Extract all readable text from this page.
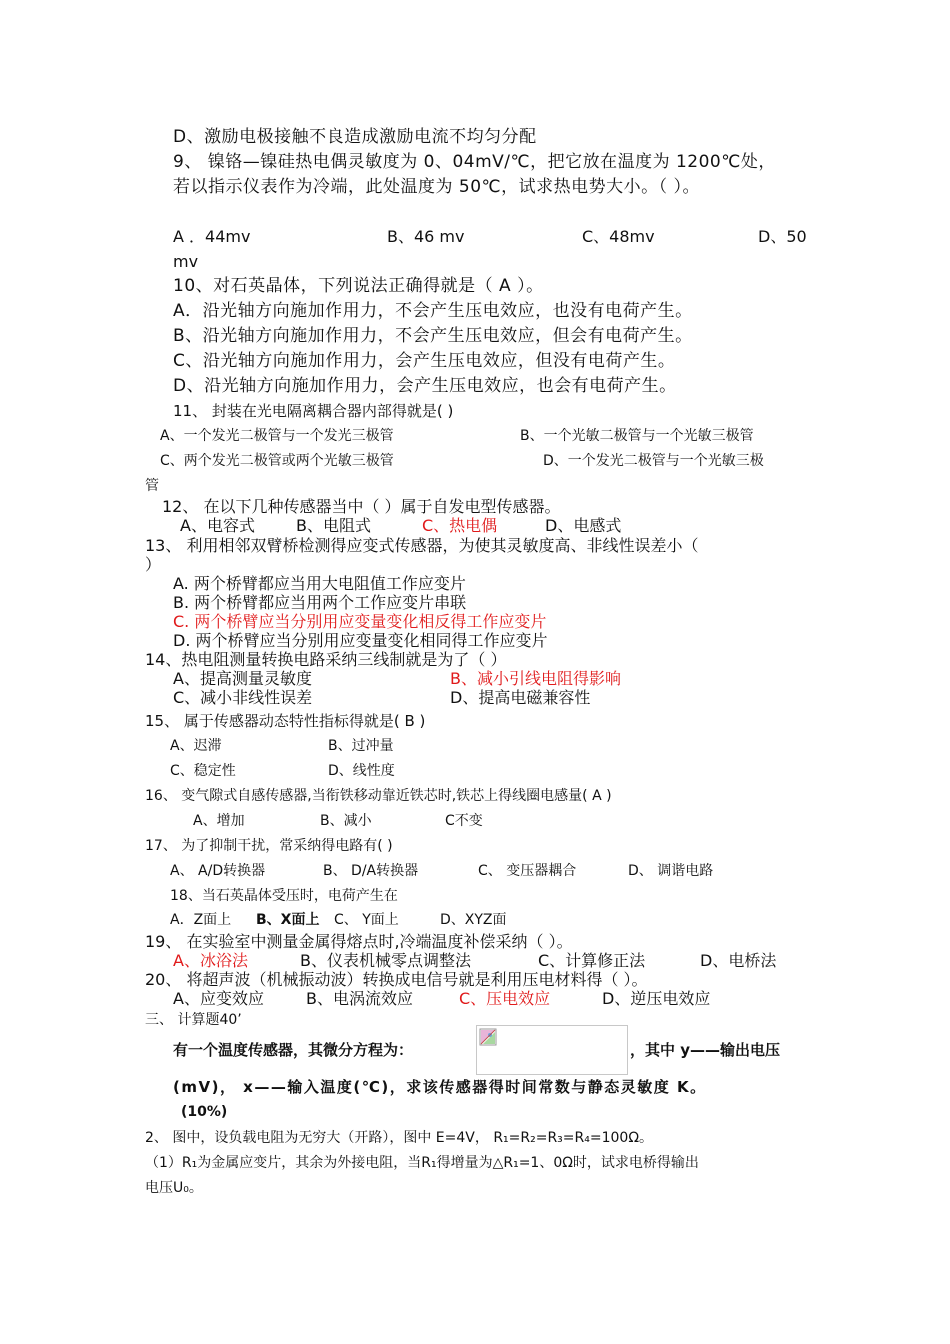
D、激励电极接触不良造成激励电流不均匀分配
9、 镍铬—镍硅热电偶灵敏度为 0、04mV/℃，把它放在温度为 1200℃处，
若以指示仪表作为冷端，此处温度为 50℃，试求热电势大小。（ ）。
A ．44mv	B、46 mv	C、48mv	D、50
mv
10、对石英晶体，下列说法正确得就是（ A ）。
A．沿光轴方向施加作用力，不会产生压电效应，也没有电荷产生。
B、沿光轴方向施加作用力，不会产生压电效应，但会有电荷产生。
C、沿光轴方向施加作用力，会产生压电效应，但没有电荷产生。
D、沿光轴方向施加作用力，会产生压电效应，也会有电荷产生。
11、 封装在光电隔离耦合器内部得就是( )
A、一个发光二极管与一个发光三极管	B、一个光敏二极管与一个光敏三极管
C、两个发光二极管或两个光敏三极管	D、一个发光二极管与一个光敏三极
管
12、 在以下几种传感器当中（ ）属于自发电型传感器。
A、电容式	B、电阻式	C、热电偶	D、电感式
13、 利用相邻双臂桥检测得应变式传感器，为使其灵敏度高、非线性误差小（
）
A. 两个桥臂都应当用大电阻值工作应变片
B. 两个桥臂都应当用两个工作应变片串联
C. 两个桥臂应当分别用应变量变化相反得工作应变片
D. 两个桥臂应当分别用应变量变化相同得工作应变片
14、热电阻测量转换电路采纳三线制就是为了（ ）
A、提高测量灵敏度	B、减小引线电阻得影响
C、减小非线性误差	D、提高电磁兼容性
15、 属于传感器动态特性指标得就是( B )
A、迟滞	B、过冲量
C、稳定性	D、线性度
16、 变气隙式自感传感器,当衔铁移动靠近铁芯时,铁芯上得线圈电感量( A )
A、增加	B、减小	C不变
17、 为了抑制干扰，常采纳得电路有( )
A、 A/D转换器	B、 D/A转换器	C、 变压器耦合	D、 调谐电路
18、当石英晶体受压时，电荷产生在
A．Z面上 B、X面上 C、 Y面上	D、XYZ面
19、 在实验室中测量金属得熔点时,冷端温度补偿采纳（ ）。
A、冰浴法	B、仪表机械零点调整法	C、计算修正法	D、电桥法
20、 将超声波（机械振动波）转换成电信号就是利用压电材料得（ ）。
A、应变效应	B、电涡流效应	C、压电效应	D、逆压电效应
三、 计算题40’
有一个温度传感器，其微分方程为：	，其中 y——输出电压
(mV)， x——输入温度(℃)，求该传感器得时间常数与静态灵敏度 K。
(10%)
2、 图中，设负载电阻为无穷大（开路），图中 E=4V， R₁=R₂=R₃=R₄=100Ω。
（1）R₁为金属应变片，其余为外接电阻，当R₁得增量为△R₁=1、0Ω时，试求电桥得输出
电压U₀。
